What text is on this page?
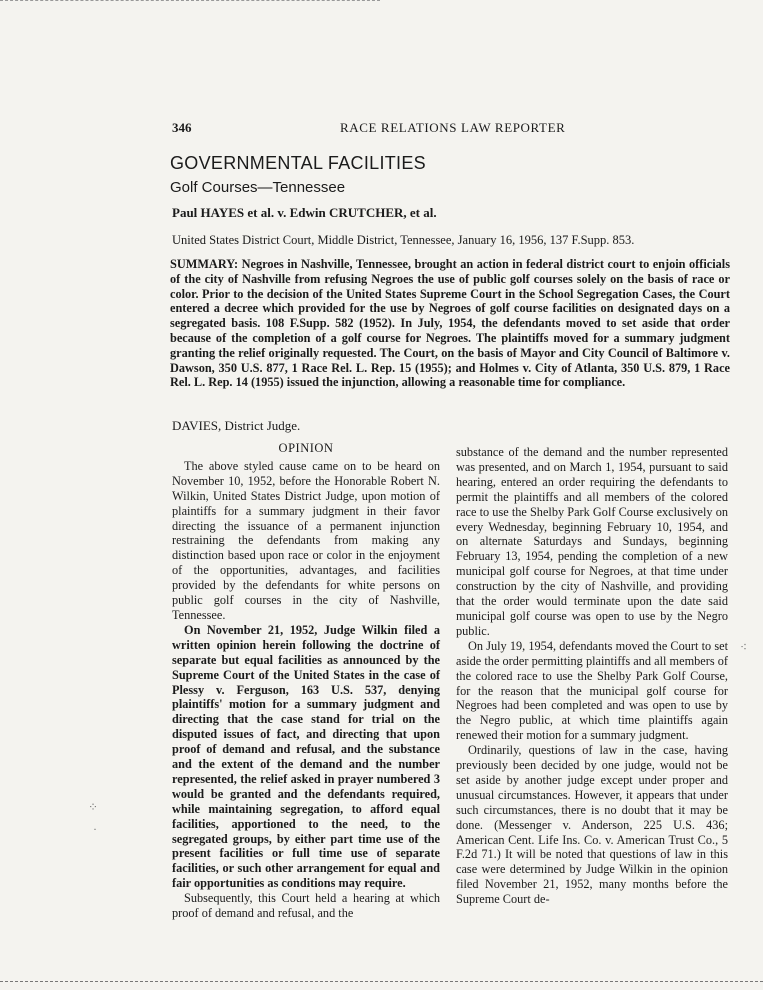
346	RACE RELATIONS LAW REPORTER
GOVERNMENTAL FACILITIES
Golf Courses—Tennessee
Paul HAYES et al. v. Edwin CRUTCHER, et al.
United States District Court, Middle District, Tennessee, January 16, 1956, 137 F.Supp. 853.

SUMMARY: Negroes in Nashville, Tennessee, brought an action in federal district court to enjoin officials of the city of Nashville from refusing Negroes the use of public golf courses solely on the basis of race or color. Prior to the decision of the United States Supreme Court in the School Segregation Cases, the Court entered a decree which provided for the use by Negroes of golf course facilities on designated days on a segregated basis. 108 F.Supp. 582 (1952). In July, 1954, the defendants moved to set aside that order because of the completion of a golf course for Negroes. The plaintiffs moved for a summary judgment granting the relief originally requested. The Court, on the basis of Mayor and City Council of Baltimore v. Dawson, 350 U.S. 877, 1 Race Rel. L. Rep. 15 (1955); and Holmes v. City of Atlanta, 350 U.S. 879, 1 Race Rel. L. Rep. 14 (1955) issued the injunction, allowing a reasonable time for compliance.

DAVIES, District Judge.

OPINION

The above styled cause came on to be heard on November 10, 1952, before the Honorable Robert N. Wilkin, United States District Judge, upon motion of plaintiffs for a summary judgment in their favor directing the issuance of a permanent injunction restraining the defendants from making any distinction based upon race or color in the enjoyment of the opportunities, advantages, and facilities provided by the defendants for white persons on public golf courses in the city of Nashville, Tennessee.

On November 21, 1952, Judge Wilkin filed a written opinion herein following the doctrine of separate but equal facilities as announced by the Supreme Court of the United States in the case of Plessy v. Ferguson, 163 U.S. 537, denying plaintiffs' motion for a summary judgment and directing that the case stand for trial on the disputed issues of fact, and directing that upon proof of demand and refusal, and the substance and the extent of the demand and the number represented, the relief asked in prayer numbered 3 would be granted and the defendants required, while maintaining segregation, to afford equal facilities, apportioned to the need, to the segregated groups, by either part time use of the present facilities or full time use of separate facilities, or such other arrangement for equal and fair opportunities as conditions may require.

Subsequently, this Court held a hearing at which proof of demand and refusal, and the

substance of the demand and the number represented was presented, and on March 1, 1954, pursuant to said hearing, entered an order requiring the defendants to permit the plaintiffs and all members of the colored race to use the Shelby Park Golf Course exclusively on every Wednesday, beginning February 10, 1954, and on alternate Saturdays and Sundays, beginning February 13, 1954, pending the completion of a new municipal golf course for Negroes, at that time under construction by the city of Nashville, and providing that the order would terminate upon the date said municipal golf course was open to use by the Negro public.

On July 19, 1954, defendants moved the Court to set aside the order permitting plaintiffs and all members of the colored race to use the Shelby Park Golf Course, for the reason that the municipal golf course for Negroes had been completed and was open to use by the Negro public, at which time plaintiffs again renewed their motion for a summary judgment.

Ordinarily, questions of law in the case, having previously been decided by one judge, would not be set aside by another judge except under proper and unusual circumstances. However, it appears that under such circumstances, there is no doubt that it may be done. (Messenger v. Anderson, 225 U.S. 436; American Cent. Life Ins. Co. v. American Trust Co., 5 F.2d 71.) It will be noted that questions of law in this case were determined by Judge Wilkin in the opinion filed November 21, 1952, many months before the Supreme Court de-

⁘
·
⁖
